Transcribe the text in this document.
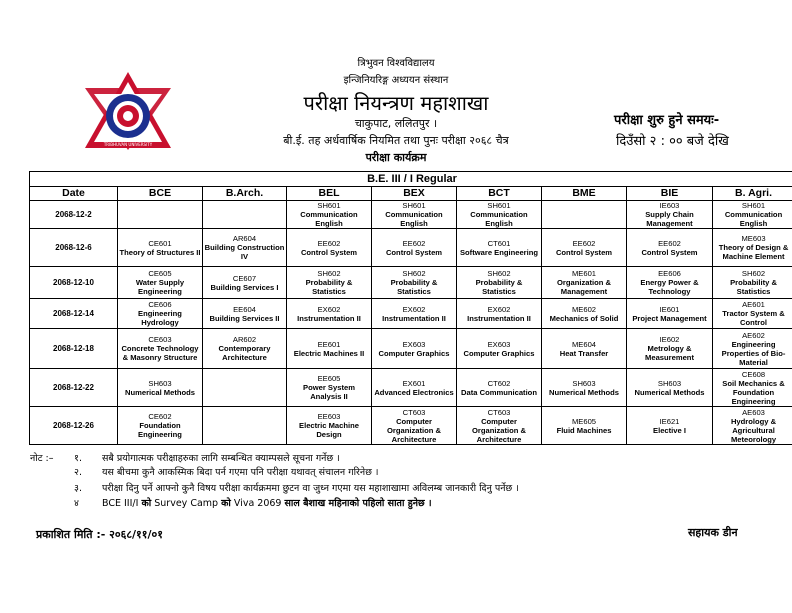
TRIBHUVAN UNIVERSITY
त्रिभुवन विश्वविद्यालय
इन्जिनियरिङ्ग अध्ययन संस्थान
परीक्षा नियन्त्रण महाशाखा
चाकुपाट, ललितपुर ।
बी.ई. तह अर्धवार्षिक नियमित तथा पुनः परीक्षा २०६८ चैत्र
परीक्षा कार्यक्रम
परीक्षा शुरु हुने समयः-
दिउँसो २ : ०० बजे देखि
B.E. III / I Regular								
Date	BCE	B.Arch.	BEL	BEX	BCT	BME	BIE	B. Agri.
2068-12-2			SH601
Communication English	SH601
Communication English	SH601
Communication English		IE603
Supply Chain Management	SH601
Communication English

2068-12-6	CE601
Theory of Structures II	AR604
Building Construction IV	EE602
Control System	EE602
Control System	CT601
Software Engineering	EE602
Control System	EE602
Control System	ME603
Theory of Design & Machine Element

2068-12-10	CE605
Water Supply Engineering	CE607
Building Services I	SH602
Probability & Statistics	SH602
Probability & Statistics	SH602
Probability & Statistics	ME601
Organization & Management	EE606
Energy Power & Technology	SH602
Probability & Statistics

2068-12-14	CE606
Engineering Hydrology	EE604
Building Services II	EX602
Instrumentation II	EX602
Instrumentation II	EX602
Instrumentation II	ME602
Mechanics of Solid	IE601
Project Management	AE601
Tractor System & Control

2068-12-18	CE603
Concrete Technology & Masonry Structure	AR602
Contemporary Architecture	EE601
Electric Machines II	EX603
Computer Graphics	EX603
Computer Graphics	ME604
Heat Transfer	IE602
Metrology & Measurement	AE602
Engineering Properties of Bio-Material

2068-12-22	SH603
Numerical Methods		EE605
Power System Analysis II	EX601
Advanced Electronics	CT602
Data Communication	SH603
Numerical Methods	SH603
Numerical Methods	CE608
Soil Mechanics & Foundation Engineering

2068-12-26	CE602
Foundation Engineering		EE603
Electric Machine Design	CT603
Computer Organization & Architecture	CT603
Computer Organization & Architecture	ME605
Fluid Machines	IE621
Elective I	AE603
Hydrology & Agricultural Meteorology
नोट :– १. सबै प्रयोगात्मक परीक्षाहरुका लागि सम्बन्धित क्याम्पसले सूचना गर्नेछ ।
२. यस बीचमा कुनै आकस्मिक बिदा पर्न गएमा पनि परीक्षा यथावत् संचालन गरिनेछ ।
३. परीक्षा दिनु पर्ने आफ्नो कुनै विषय परीक्षा कार्यक्रममा छुटन वा जुध्न गएमा यस महाशाखामा अविलम्ब जानकारी दिनु पर्नेछ ।
४ BCE III/I को Survey Camp को Viva 2069 साल बैशाख महिनाको पहिलो साता हुनेछ ।
प्रकाशित मिति :- २०६८/११/०१	सहायक डीन
